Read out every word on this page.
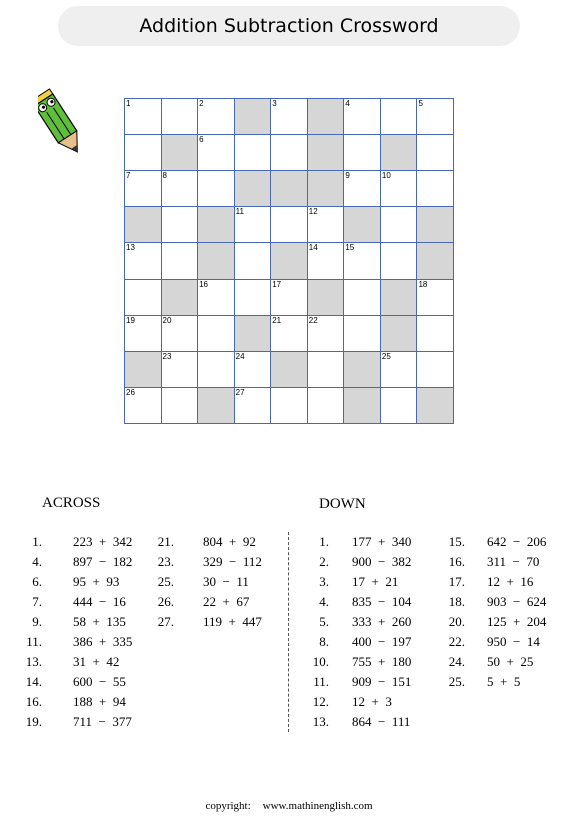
Addition Subtraction Crossword
1	2	3	4	5
6
7	8	9	10
11	12
13	14	15
16	17	18
19	20	21	22
23	24	25
26	27
ACROSS	DOWN
1. 223  +  342
4. 897  −  182
6. 95  +  93
7. 444  −  16
9. 58  +  135
11. 386  +  335
13. 31  +  42
14. 600  −  55
16. 188  +  94
19. 711  −  377
21. 804  +  92
23. 329  −  112
25. 30  −  11
26. 22  +  67
27. 119  +  447
1. 177  +  340
2. 900  −  382
3. 17  +  21
4. 835  −  104
5. 333  +  260
8. 400  −  197
10. 755  +  180
11. 909  −  151
12. 12  +  3
13. 864  −  111
15. 642  −  206
16. 311  −  70
17. 12  +  16
18. 903  −  624
20. 125  +  204
22. 950  −  14
24. 50  +  25
25. 5  +  5
copyright: www.mathinenglish.com
